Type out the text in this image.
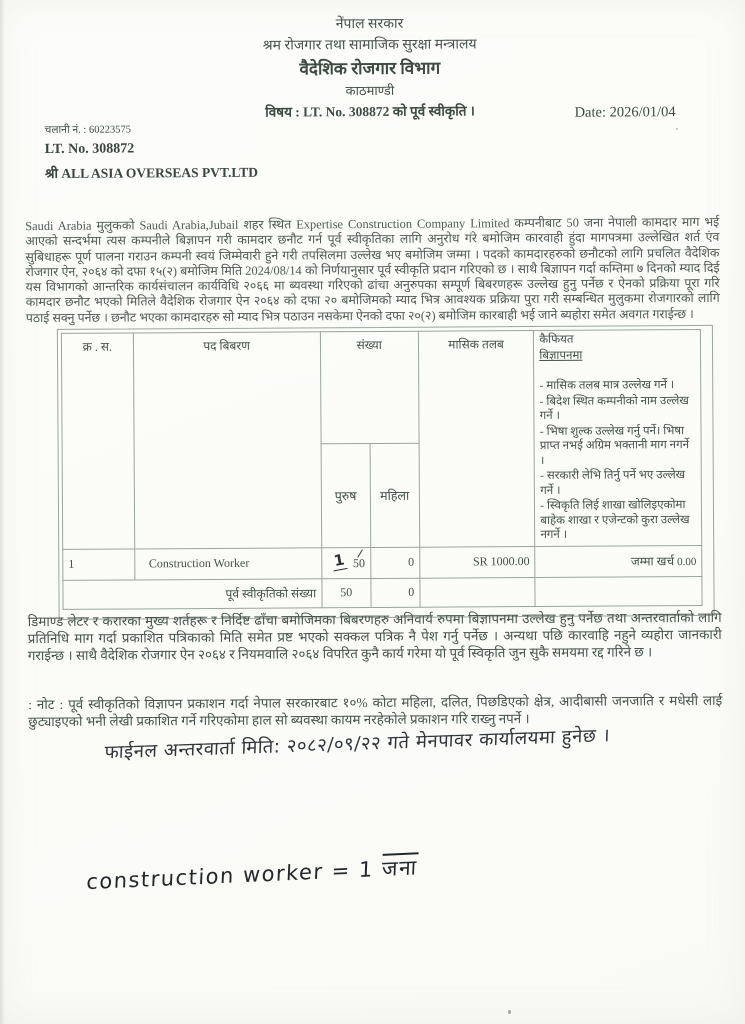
नेपाल सरकार
श्रम रोजगार तथा सामाजिक सुरक्षा मन्त्रालय
वैदेशिक रोजगार विभाग
काठमाण्डी
विषय : LT. No. 308872 को पूर्व स्वीकृति ।	Date: 2026/01/04
चलानी नं. : 60223575
LT. No. 308872
श्री ALL ASIA OVERSEAS PVT.LTD
Saudi Arabia मुलुकको Saudi Arabia,Jubail शहर स्थित Expertise Construction Company Limited कम्पनीबाट 50 जना नेपाली कामदार माग भई आएको सन्दर्भमा त्यस कम्पनीले बिज्ञापन गरी कामदार छनौट गर्न पूर्व स्वीकृतिका लागि अनुरोध गरे बमोजिम कारवाही हुंदा मागपत्रमा उल्लेखित शर्त एंव सुबिधाहरू पूर्ण पालना गराउन कम्पनी स्वयं जिम्मेवारी हुने गरी तपसिलमा उल्लेख भए बमोजिम जम्मा । पदको कामदारहरुको छनौटको लागि प्रचलित वैदेशिक रोजगार ऐन, २०६४ को दफा १५(२) बमोजिम मिति 2024/08/14 को निर्णयानुसार पूर्व स्वीकृति प्रदान गरिएको छ । साथै बिज्ञापन गर्दा कम्तिमा ७ दिनको म्याद दिई यस विभागको आन्तरिक कार्यसंचालन कार्यविधि २०६६ मा ब्यवस्था गरिएको ढांचा अनुरुपका सम्पूर्ण बिबरणहरू उल्लेख हुनु पर्नेछ र ऐनको प्रक्रिया पूरा गरि कामदार छनौट भएको मितिले वैदेशिक रोजगार ऐन २०६४ को दफा २० बमोजिमको म्याद भित्र आवश्यक प्रक्रिया पुरा गरी सम्बन्धित मुलुकमा रोजगारको लागि पठाई सक्नु पर्नेछ । छनौट भएका कामदारहरु सो म्याद भित्र पठाउन नसकेमा ऐनको दफा २०(२) बमोजिम कारबाही भई जाने ब्यहोरा समेत अवगत गराईन्छ ।
क्र . स.	पद बिबरण	संख्या	मासिक तलब	कैफियत
बिज्ञापनमा
- मासिक तलब मात्र उल्लेख गर्ने ।
- बिदेश स्थित कम्पनीको नाम उल्लेख गर्ने ।
- भिषा शुल्क उल्लेख गर्नु पर्ने। भिषा प्राप्त नभई अग्रिम भक्तानी माग नगर्ने ।
- सरकारी लेभि तिर्नु पर्ने भए उल्लेख गर्ने ।
- स्विकृति लिई शाखा खोलिइएकोमा बाहेक शाखा र एजेन्टको कुरा उल्लेख नगर्ने ।

		पुरुष	महिला		
1	Construction Worker	1 50	0	SR 1000.00	जम्मा खर्च 0.00
पूर्व स्वीकृतिको संख्या		50	0		
डिमाण्ड लेटर र करारका मुख्य शर्तहरू र निर्दिष्ट ढाँचा बमोजिमका बिबरणहरु अनिवार्य रुपमा बिज्ञापनमा उल्लेख हुनु पर्नेछ तथा अन्तरवार्ताको लागि प्रतिनिधि माग गर्दा प्रकाशित पत्रिकाको मिति समेत प्रष्ट भएको सक्कल पत्रिक नै पेश गर्नु पर्नेछ । अन्यथा पछि कारवाहि नहुने व्यहोरा जानकारी गराईन्छ । साथै वैदेशिक रोजगार ऐन २०६४ र नियमवालि २०६४ विपरित कुनै कार्य गरेमा यो पूर्व स्विकृति जुन सुकै समयमा रद्द गरिने छ ।
: नोट : पूर्व स्वीकृतिको विज्ञापन प्रकाशन गर्दा नेपाल सरकारबाट १०% कोटा महिला, दलित, पिछडिएको क्षेत्र, आदीबासी जनजाति र मधेसी लाई छुट्याइएको भनी लेखी प्रकाशित गर्ने गरिएकोमा हाल सो ब्यवस्था कायम नरहेकोले प्रकाशन गरि राख्नु नपर्ने ।
फाईनल अन्तरवार्ता मिति: २०८२/०९/२२ गते मेनपावर कार्यालयमा हुनेछ ।
construction worker = 1 जना
